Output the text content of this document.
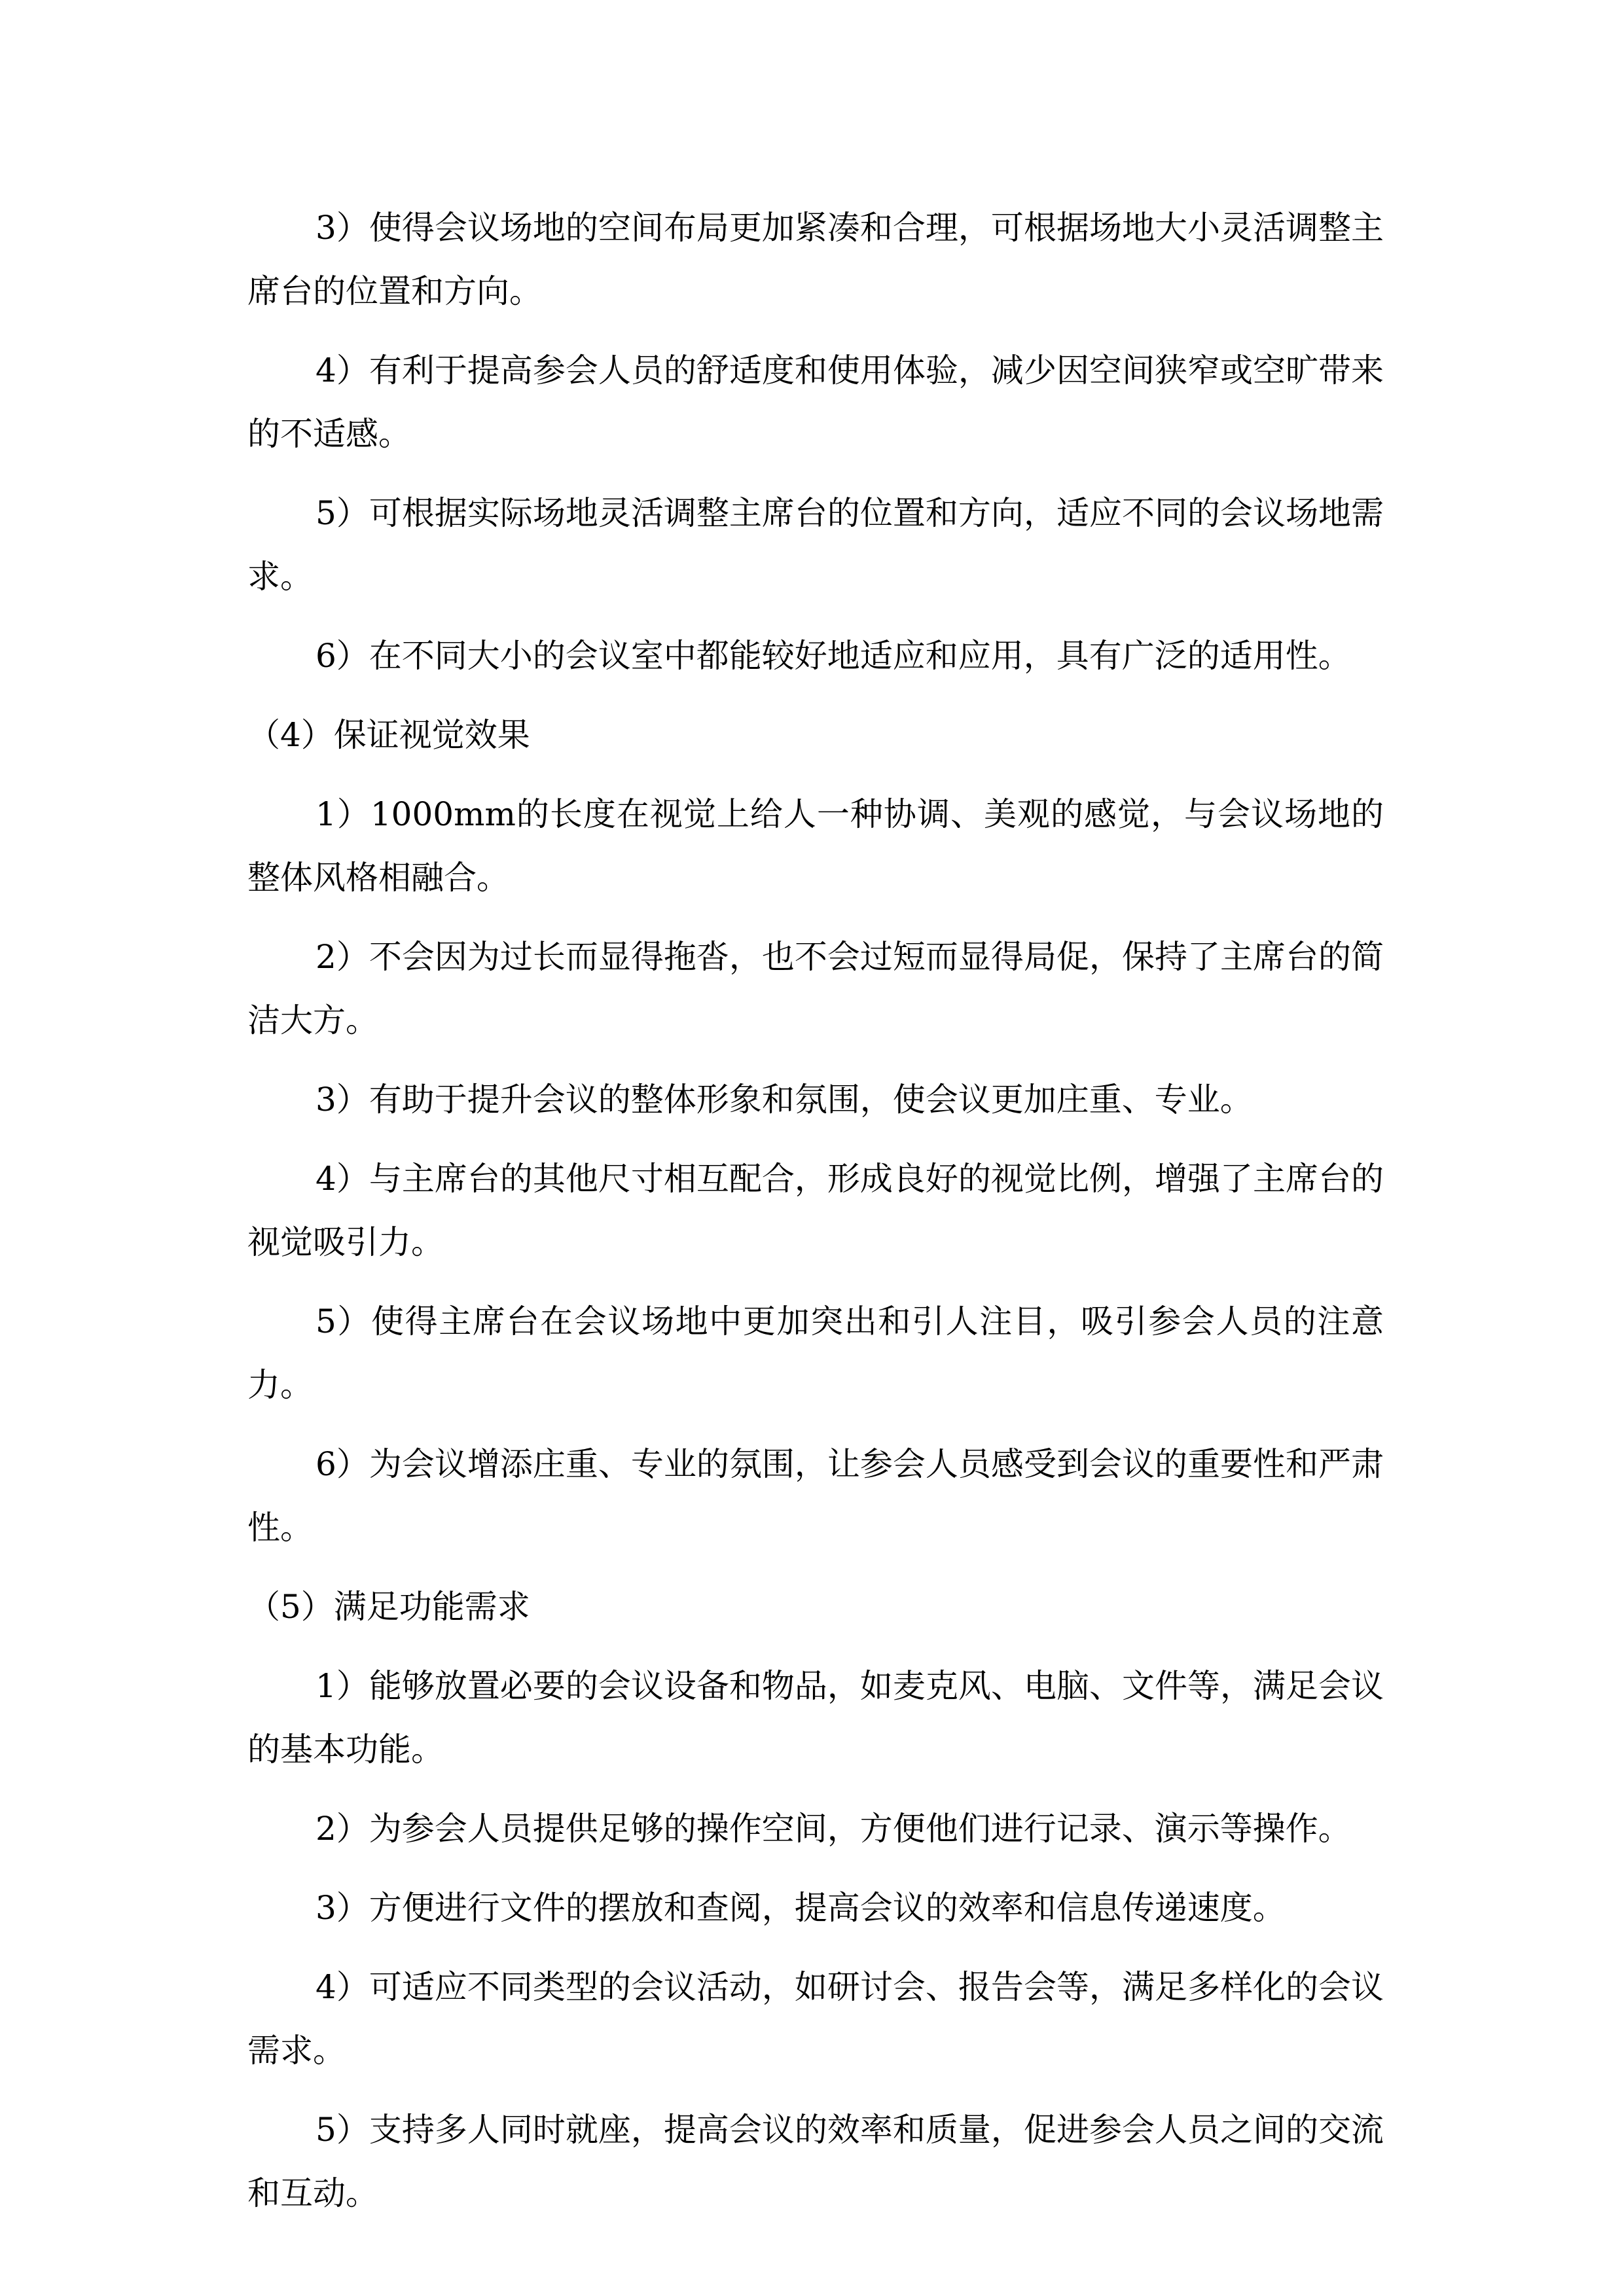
3）使得会议场地的空间布局更加紧凑和合理，可根据场地大小灵活调整主席台的位置和方向。

4）有利于提高参会人员的舒适度和使用体验，减少因空间狭窄或空旷带来的不适感。

5）可根据实际场地灵活调整主席台的位置和方向，适应不同的会议场地需求。

6）在不同大小的会议室中都能较好地适应和应用，具有广泛的适用性。

（4）保证视觉效果

1）1000mm的长度在视觉上给人一种协调、美观的感觉，与会议场地的整体风格相融合。

2）不会因为过长而显得拖沓，也不会过短而显得局促，保持了主席台的简洁大方。

3）有助于提升会议的整体形象和氛围，使会议更加庄重、专业。

4）与主席台的其他尺寸相互配合，形成良好的视觉比例，增强了主席台的视觉吸引力。

5）使得主席台在会议场地中更加突出和引人注目，吸引参会人员的注意力。

6）为会议增添庄重、专业的氛围，让参会人员感受到会议的重要性和严肃性。

（5）满足功能需求

1）能够放置必要的会议设备和物品，如麦克风、电脑、文件等，满足会议的基本功能。

2）为参会人员提供足够的操作空间，方便他们进行记录、演示等操作。

3）方便进行文件的摆放和查阅，提高会议的效率和信息传递速度。

4）可适应不同类型的会议活动，如研讨会、报告会等，满足多样化的会议需求。

5）支持多人同时就座，提高会议的效率和质量，促进参会人员之间的交流和互动。
